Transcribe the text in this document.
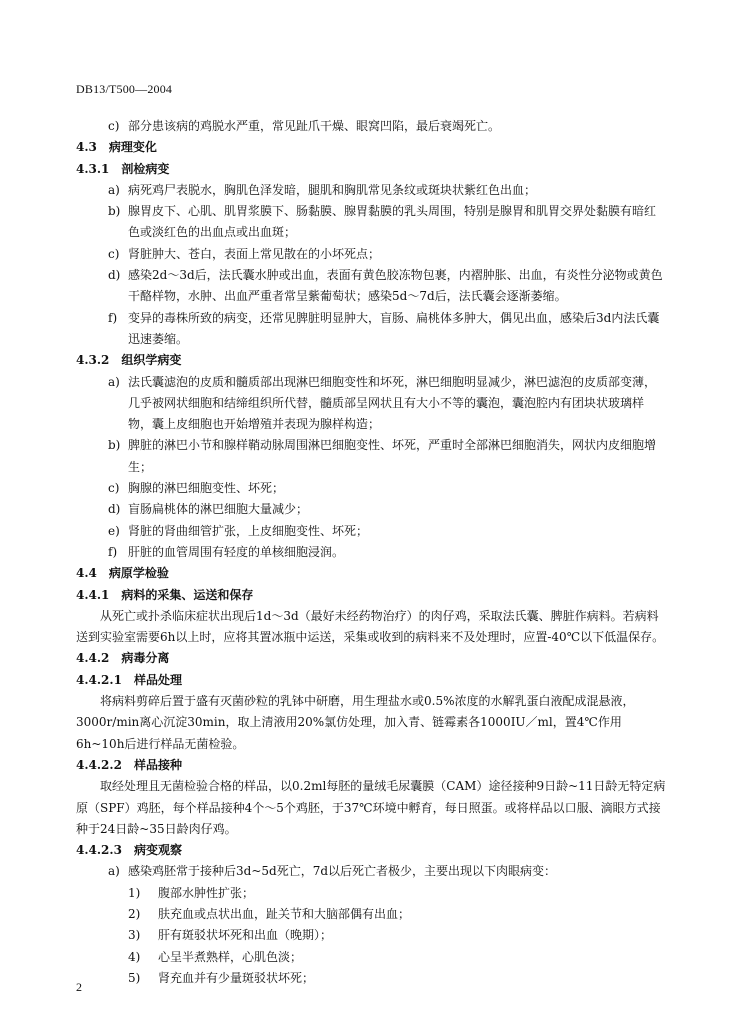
DB13/T500—2004

c) 部分患该病的鸡脱水严重，常见趾爪干燥、眼窝凹陷，最后衰竭死亡。

4.3 病理变化

4.3.1 剖检病变

a) 病死鸡尸表脱水，胸肌色泽发暗，腿肌和胸肌常见条纹或斑块状紫红色出血；

b) 腺胃皮下、心肌、肌胃浆膜下、肠黏膜、腺胃黏膜的乳头周围，特别是腺胃和肌胃交界处黏膜有暗红色或淡红色的出血点或出血斑；

c) 肾脏肿大、苍白，表面上常见散在的小坏死点；

d) 感染2d～3d后，法氏囊水肿或出血，表面有黄色胶冻物包裹，内褶肿胀、出血，有炎性分泌物或黄色干酪样物，水肿、出血严重者常呈紫葡萄状；感染5d～7d后，法氏囊会逐渐萎缩。

f) 变异的毒株所致的病变，还常见脾脏明显肿大，盲肠、扁桃体多肿大，偶见出血，感染后3d内法氏囊迅速萎缩。

4.3.2 组织学病变

a) 法氏囊滤泡的皮质和髓质部出现淋巴细胞变性和坏死，淋巴细胞明显减少，淋巴滤泡的皮质部变薄，几乎被网状细胞和结缔组织所代替，髓质部呈网状且有大小不等的囊泡，囊泡腔内有团块状玻璃样物，囊上皮细胞也开始增殖并表现为腺样构造；

b) 脾脏的淋巴小节和腺样鞘动脉周围淋巴细胞变性、坏死，严重时全部淋巴细胞消失，网状内皮细胞增生；

c) 胸腺的淋巴细胞变性、坏死；

d) 盲肠扁桃体的淋巴细胞大量减少；

e) 肾脏的肾曲细管扩张，上皮细胞变性、坏死；

f) 肝脏的血管周围有轻度的单核细胞浸润。

4.4 病原学检验

4.4.1 病料的采集、运送和保存

从死亡或扑杀临床症状出现后1d～3d（最好未经药物治疗）的肉仔鸡，采取法氏囊、脾脏作病料。若病料送到实验室需要6h以上时，应将其置冰瓶中运送，采集或收到的病料来不及处理时，应置-40℃以下低温保存。

4.4.2 病毒分离

4.4.2.1 样品处理

将病料剪碎后置于盛有灭菌砂粒的乳钵中研磨，用生理盐水或0.5%浓度的水解乳蛋白液配成混悬液，3000r/min离心沉淀30min，取上清液用20%氯仿处理，加入青、链霉素各1000IU／ml，置4℃作用6h~10h后进行样品无菌检验。

4.4.2.2 样品接种

取经处理且无菌检验合格的样品，以0.2ml每胚的量绒毛尿囊膜（CAM）途径接种9日龄~11日龄无特定病原（SPF）鸡胚，每个样品接种4个～5个鸡胚，于37℃环境中孵育，每日照蛋。或将样品以口服、滴眼方式接种于24日龄~35日龄肉仔鸡。

4.4.2.3 病变观察

a) 感染鸡胚常于接种后3d~5d死亡，7d以后死亡者极少，主要出现以下肉眼病变：

1) 腹部水肿性扩张；

2) 肤充血或点状出血，趾关节和大脑部偶有出血；

3) 肝有斑驳状坏死和出血（晚期）；

4) 心呈半煮熟样，心肌色淡；

5) 肾充血并有少量斑驳状坏死；

2
